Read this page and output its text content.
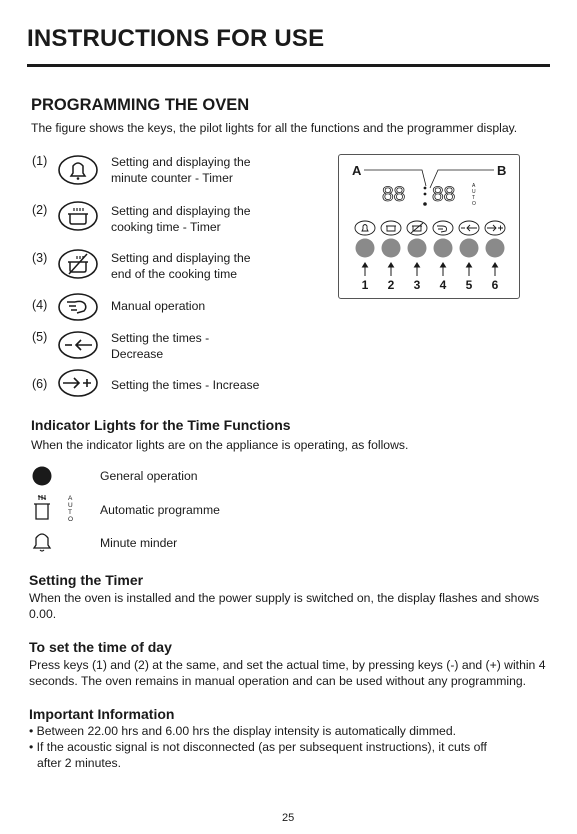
INSTRUCTIONS FOR USE
PROGRAMMING THE OVEN
The figure shows the keys, the pilot lights for all the functions and the programmer display.
(1)
(2)
(3)
(4)
(5)
(6)
Setting and displaying the
minute counter - Timer
Setting and displaying the
cooking time - Timer
Setting and displaying the
end of the cooking time
Manual operation
Setting the times -
Decrease
Setting the times - Increase
A	B
88 88	A
U
T
O
1 2 3 4 5 6
Indicator Lights for the Time Functions
When the indicator lights are on the appliance is operating, as follows.
General operation
A
U
T
O
Automatic programme
Minute minder
Setting the Timer
When the oven is installed and the power supply is switched on, the display flashes and shows
0.00.
To set the time of day
Press keys (1) and (2) at the same, and set the actual time, by pressing keys (-) and (+) within 4
seconds. The oven remains in manual operation and can be used without any programming.
Important Information
• Between 22.00 hrs and 6.00 hrs the display intensity is automatically dimmed.
• If the acoustic signal is not disconnected (as per subsequent instructions), it cuts off
after 2 minutes.
25
